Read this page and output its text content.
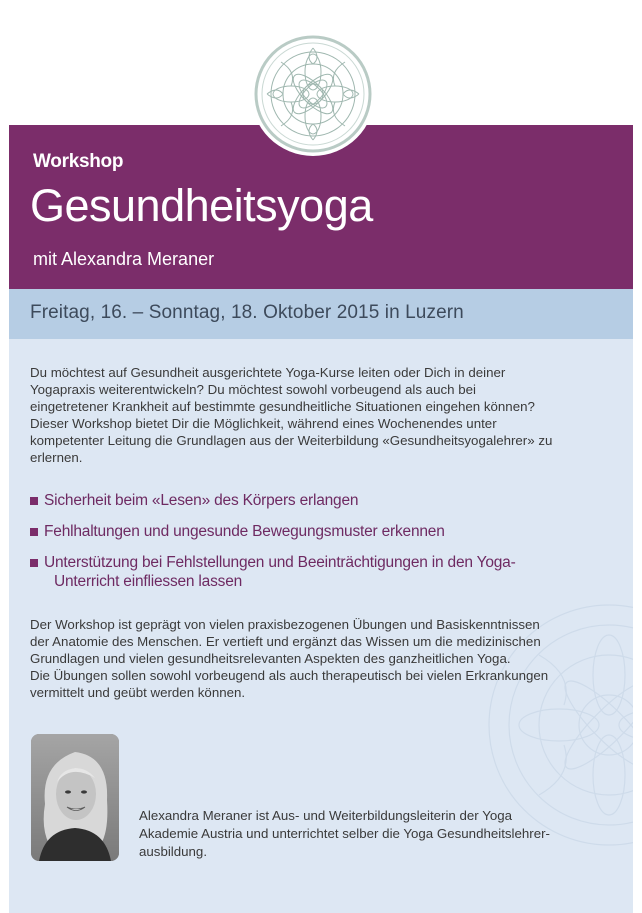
Workshop
Gesundheitsyoga
mit Alexandra Meraner
Freitag, 16. – Sonntag, 18. Oktober 2015 in Luzern
Du möchtest auf Gesundheit ausgerichtete Yoga-Kurse leiten oder Dich in deiner
Yogapraxis weiterentwickeln? Du möchtest sowohl vorbeugend als auch bei
eingetretener Krankheit auf bestimmte gesundheitliche Situationen eingehen können?
Dieser Workshop bietet Dir die Möglichkeit, während eines Wochenendes unter
kompetenter Leitung die Grundlagen aus der Weiterbildung «Gesundheitsyogalehrer» zu
erlernen.
Sicherheit beim «Lesen» des Körpers erlangen
Fehlhaltungen und ungesunde Bewegungsmuster erkennen
Unterstützung bei Fehlstellungen und Beeinträchtigungen in den Yoga-
Unterricht einfliessen lassen
Der Workshop ist geprägt von vielen praxisbezogenen Übungen und Basiskenntnissen
der Anatomie des Menschen. Er vertieft und ergänzt das Wissen um die medizinischen
Grundlagen und vielen gesundheitsrelevanten Aspekten des ganzheitlichen Yoga.
Die Übungen sollen sowohl vorbeugend als auch therapeutisch bei vielen Erkrankungen
vermittelt und geübt werden können.
Alexandra Meraner ist Aus- und Weiterbildungsleiterin der Yoga
Akademie Austria und unterrichtet selber die Yoga Gesundheitslehrer-
ausbildung.
